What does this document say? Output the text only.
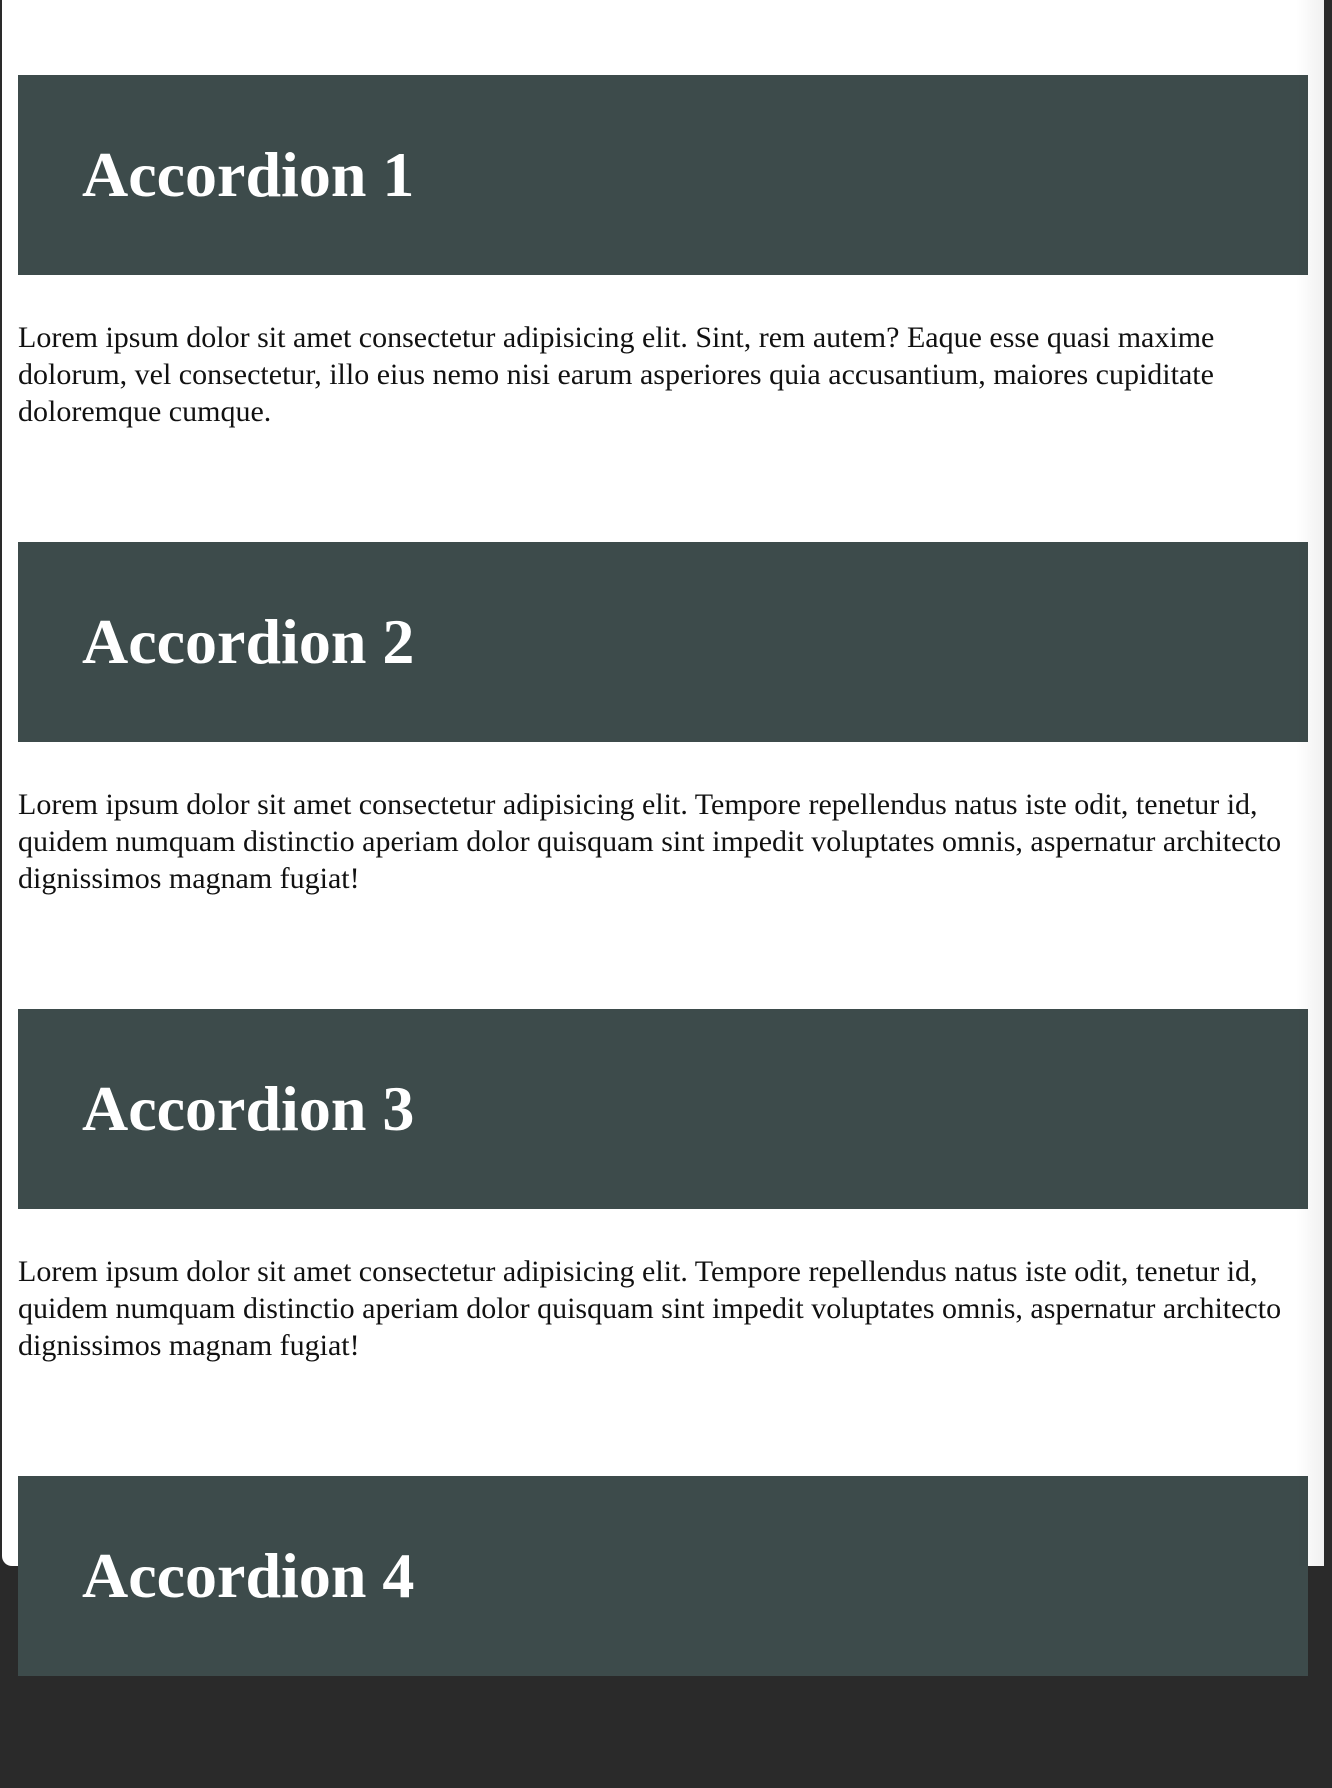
Accordion 1

Lorem ipsum dolor sit amet consectetur adipisicing elit. Sint, rem autem? Eaque esse quasi maxime dolorum, vel consectetur, illo eius nemo nisi earum asperiores quia accusantium, maiores cupiditate doloremque cumque.

Accordion 2

Lorem ipsum dolor sit amet consectetur adipisicing elit. Tempore repellendus natus iste odit, tenetur id, quidem numquam distinctio aperiam dolor quisquam sint impedit voluptates omnis, aspernatur architecto dignissimos magnam fugiat!

Accordion 3

Lorem ipsum dolor sit amet consectetur adipisicing elit. Tempore repellendus natus iste odit, tenetur id, quidem numquam distinctio aperiam dolor quisquam sint impedit voluptates omnis, aspernatur architecto dignissimos magnam fugiat!

Accordion 4
